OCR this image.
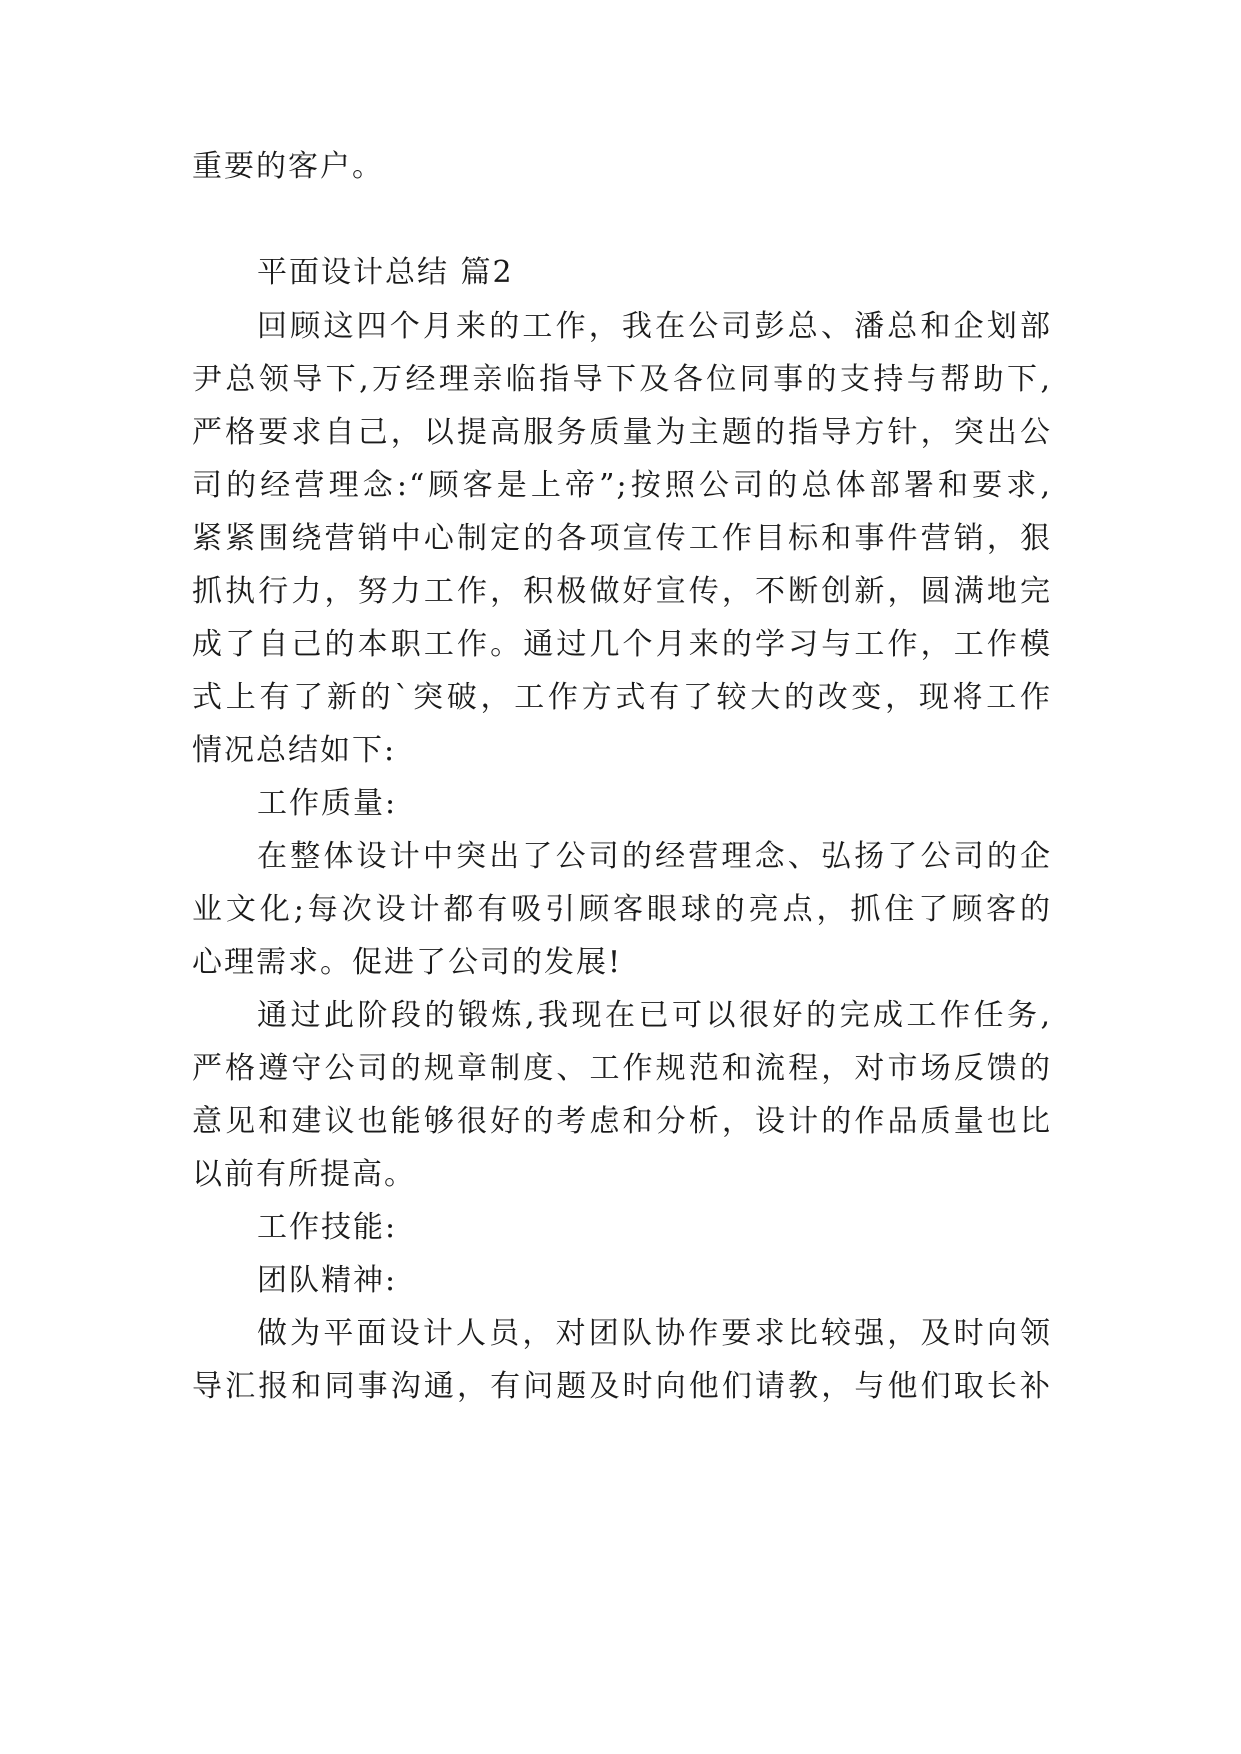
重要的客户。
平面设计总结 篇2
回顾这四个月来的工作，我在公司彭总、潘总和企划部
尹总领导下,万经理亲临指导下及各位同事的支持与帮助下,
严格要求自己，以提高服务质量为主题的指导方针，突出公
司的经营理念:“顾客是上帝”;按照公司的总体部署和要求,
紧紧围绕营销中心制定的各项宣传工作目标和事件营销，狠
抓执行力，努力工作，积极做好宣传，不断创新，圆满地完
成了自己的本职工作。通过几个月来的学习与工作，工作模
式上有了新的`突破，工作方式有了较大的改变，现将工作
情况总结如下:
工作质量:
在整体设计中突出了公司的经营理念、弘扬了公司的企
业文化;每次设计都有吸引顾客眼球的亮点，抓住了顾客的
心理需求。促进了公司的发展!
通过此阶段的锻炼,我现在已可以很好的完成工作任务,
严格遵守公司的规章制度、工作规范和流程，对市场反馈的
意见和建议也能够很好的考虑和分析，设计的作品质量也比
以前有所提高。
工作技能:
团队精神:
做为平面设计人员，对团队协作要求比较强，及时向领
导汇报和同事沟通，有问题及时向他们请教，与他们取长补
